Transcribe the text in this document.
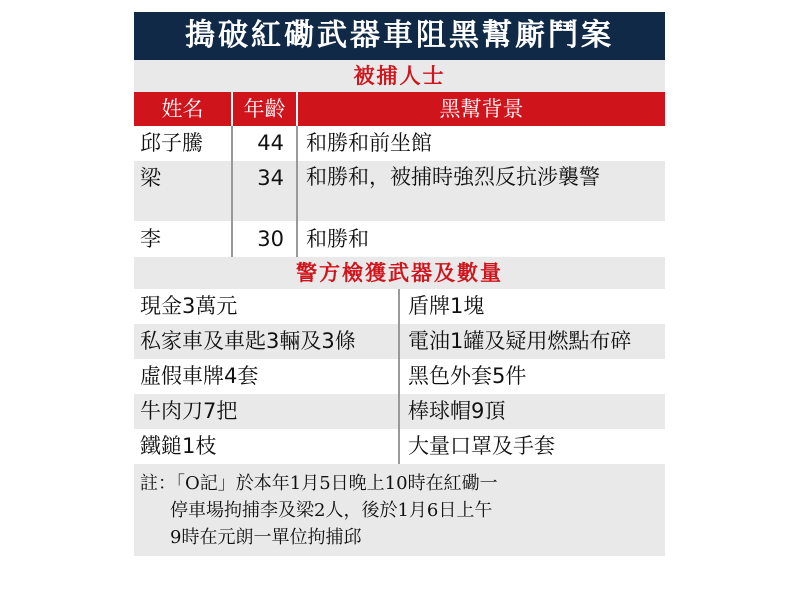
搗破紅磡武器車阻黑幫廝鬥案
被捕人士
姓名	年齡	黑幫背景
邱子騰	44	和勝和前坐館
梁	34	和勝和，被捕時強烈反抗涉襲警
李	30	和勝和
警方檢獲武器及數量
現金3萬元	盾牌1塊
私家車及車匙3輛及3條	電油1罐及疑用燃點布碎
虛假車牌4套	黑色外套5件
牛肉刀7把	棒球帽9頂
鐵鎚1枝	大量口罩及手套
註：「O記」於本年1月5日晚上10時在紅磡一
停車場拘捕李及梁2人，後於1月6日上午
9時在元朗一單位拘捕邱
